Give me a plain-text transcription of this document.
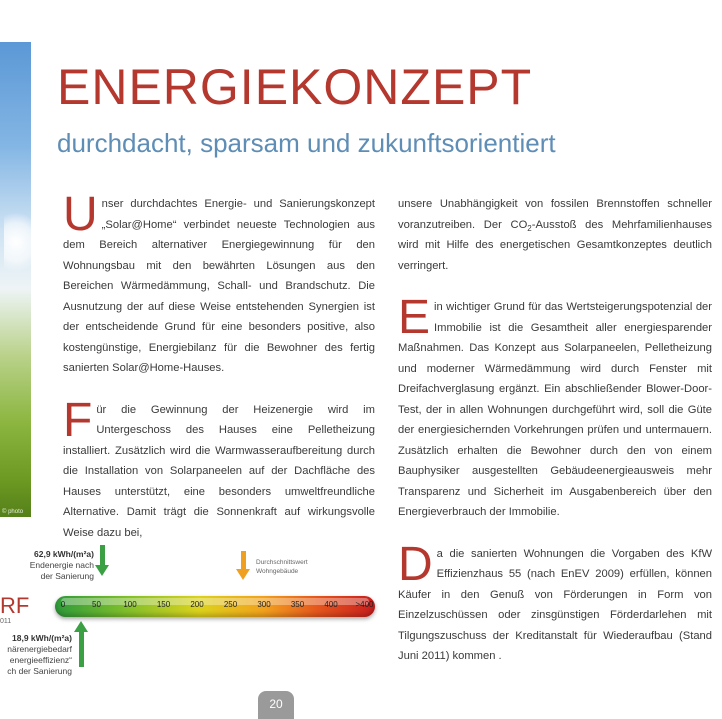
© photo
ENERGIEKONZEPT
durchdacht, sparsam und zukunftsorientiert

Unser durchdachtes Energie- und Sanierungskonzept „Solar@Home“ verbindet neueste Technologien aus dem Bereich alternativer Energiegewinnung für den Wohnungsbau mit den bewährten Lösungen aus den Bereichen Wärmedämmung, Schall- und Brandschutz. Die Ausnutzung der auf diese Weise entstehenden Synergien ist der entscheidende Grund für eine besonders positive, also kostengünstige, Energiebilanz für die Bewohner des fertig sanierten Solar@Home-Hauses.

Für die Gewinnung der Heizenergie wird im Untergeschoss des Hauses eine Pelletheizung installiert. Zusätzlich wird die Warmwasseraufbereitung durch die Installation von Solarpaneelen auf der Dachfläche des Hauses unterstützt, eine besonders umweltfreundliche Alternative. Damit trägt die Sonnenkraft auf wirkungsvolle Weise dazu bei,

unsere Unabhängigkeit von fossilen Brennstoffen schneller voranzutreiben. Der $CO_2$-Ausstoß des Mehrfamilienhauses wird mit Hilfe des energetischen Gesamtkonzeptes deutlich verringert.

Ein wichtiger Grund für das Wertsteigerungspotenzial der Immobilie ist die Gesamtheit aller energiesparender Maßnahmen. Das Konzept aus Solarpaneelen, Pelletheizung und moderner Wärmedämmung wird durch Fenster mit Dreifachverglasung ergänzt. Ein abschließender Blower-Door-Test, der in allen Wohnungen durchgeführt wird, soll die Güte der energiesichernden Vorkehrungen prüfen und untermauern. Zusätzlich erhalten die Bewohner durch den von einem Bauphysiker ausgestellten Gebäudeenergieausweis mehr Transparenz und Sicherheit im Ausgabenbereich über den Energieverbrauch der Immobilie.

Da die sanierten Wohnungen die Vorgaben des KfW Effizienzhaus 55 (nach EnEV 2009) erfüllen, können Käufer in den Genuß von Förderungen in Form von Einzelzuschüssen oder zinsgünstigen Förderdarlehen mit Tilgungszuschuss der Kreditanstalt für Wiederaufbau (Stand Juni 2011) kommen .

62,9 kWh/(m²a)
Endenergie nach
der Sanierung
Durchschnittswert
Wohngebäude
RF
011
0	50	100	150	200	250	300	350	400 >400
18,9 kWh/(m²a)
närenergiebedarf
energieeffizienz“
ch der Sanierung
20
